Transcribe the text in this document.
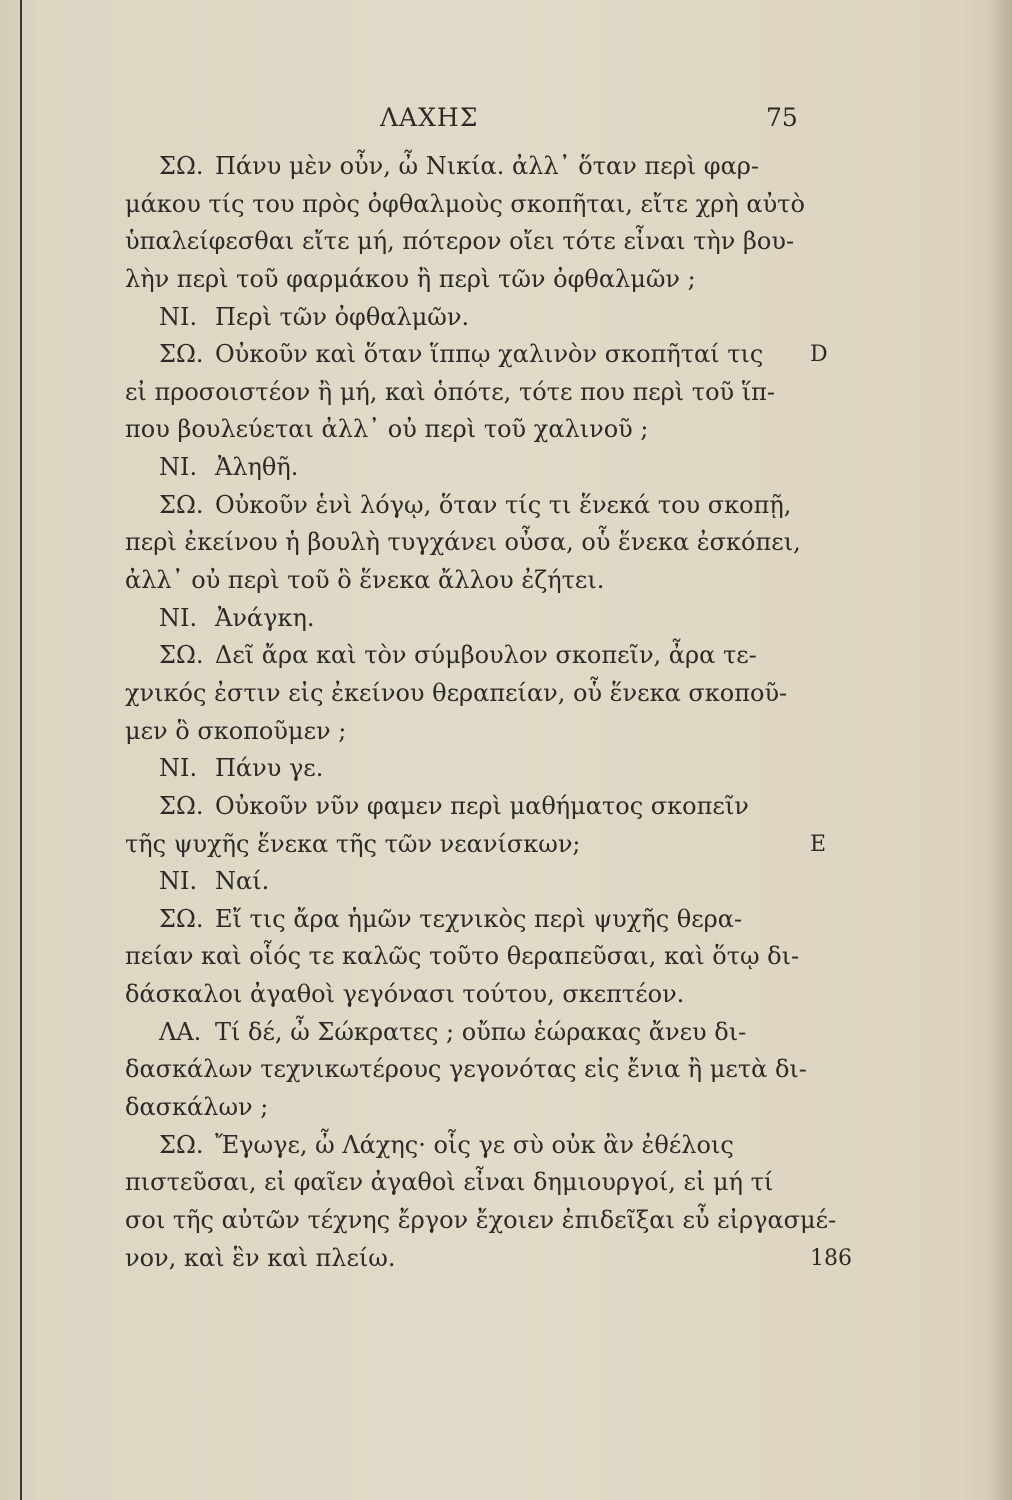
ΛΑΧΗΣ	75
ΣΩ. Πάνυ μὲν οὖν, ὦ Νικία. ἀλλ᾽ ὅταν περὶ φαρ-
μάκου τίς του πρὸς ὀφθαλμοὺς σκοπῆται, εἴτε χρὴ αὐτὸ
ὑπαλείφεσθαι εἴτε μή, πότερον οἴει τότε εἶναι τὴν βου-
λὴν περὶ τοῦ φαρμάκου ἢ περὶ τῶν ὀφθαλμῶν ;
ΝΙ. Περὶ τῶν ὀφθαλμῶν.
ΣΩ. Οὐκοῦν καὶ ὅταν ἵππῳ χαλινὸν σκοπῆταί τις D
εἰ προσοιστέον ἢ μή, καὶ ὁπότε, τότε που περὶ τοῦ ἵπ-
που βουλεύεται ἀλλ᾽ οὐ περὶ τοῦ χαλινοῦ ;
ΝΙ. Ἀληθῆ.
ΣΩ. Οὐκοῦν ἑνὶ λόγῳ, ὅταν τίς τι ἕνεκά του σκοπῇ,
περὶ ἐκείνου ἡ βουλὴ τυγχάνει οὖσα, οὗ ἕνεκα ἐσκόπει,
ἀλλ᾽ οὐ περὶ τοῦ ὃ ἕνεκα ἄλλου ἐζήτει.
ΝΙ. Ἀνάγκη.
ΣΩ. Δεῖ ἄρα καὶ τὸν σύμβουλον σκοπεῖν, ἆρα τε-
χνικός ἐστιν εἰς ἐκείνου θεραπείαν, οὗ ἕνεκα σκοποῦ-
μεν ὃ σκοποῦμεν ;
ΝΙ. Πάνυ γε.
ΣΩ. Οὐκοῦν νῦν φαμεν περὶ μαθήματος σκοπεῖν
τῆς ψυχῆς ἕνεκα τῆς τῶν νεανίσκων;	E
ΝΙ. Ναί.
ΣΩ. Εἴ τις ἄρα ἡμῶν τεχνικὸς περὶ ψυχῆς θερα-
πείαν καὶ οἷός τε καλῶς τοῦτο θεραπεῦσαι, καὶ ὅτῳ δι-
δάσκαλοι ἀγαθοὶ γεγόνασι τούτου, σκεπτέον.
ΛΑ. Τί δέ, ὦ Σώκρατες ; οὔπω ἑώρακας ἄνευ δι-
δασκάλων τεχνικωτέρους γεγονότας εἰς ἔνια ἢ μετὰ δι-
δασκάλων ;
ΣΩ. Ἔγωγε, ὦ Λάχης· οἷς γε σὺ οὐκ ἂν ἐθέλοις
πιστεῦσαι, εἰ φαῖεν ἀγαθοὶ εἶναι δημιουργοί, εἰ μή τί
σοι τῆς αὐτῶν τέχνης ἔργον ἔχοιεν ἐπιδεῖξαι εὖ εἰργασμέ-
νον, καὶ ἓν καὶ πλείω.	186
